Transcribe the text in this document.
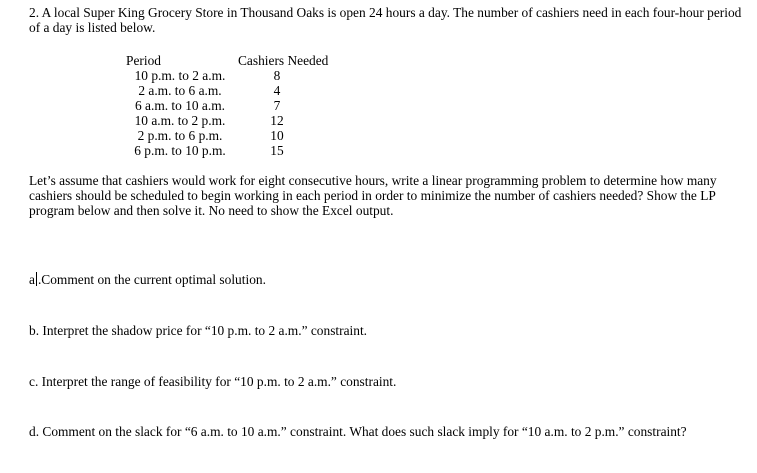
2. A local Super King Grocery Store in Thousand Oaks is open 24 hours a day. The number of cashiers need in each four-hour period of a day is listed below.
Period	Cashiers Needed
10 p.m. to 2 a.m.	8
2 a.m. to 6 a.m.	4
6 a.m. to 10 a.m.	7
10 a.m. to 2 p.m.	12
2 p.m. to 6 p.m.	10
6 p.m. to 10 p.m.	15
Let’s assume that cashiers would work for eight consecutive hours, write a linear programming problem to determine how many cashiers should be scheduled to begin working in each period in order to minimize the number of cashiers needed? Show the LP program below and then solve it. No need to show the Excel output.
a .Comment on the current optimal solution.
b. Interpret the shadow price for “10 p.m. to 2 a.m.” constraint.
c. Interpret the range of feasibility for “10 p.m. to 2 a.m.” constraint.
d. Comment on the slack for “6 a.m. to 10 a.m.” constraint. What does such slack imply for “10 a.m. to 2 p.m.” constraint?
